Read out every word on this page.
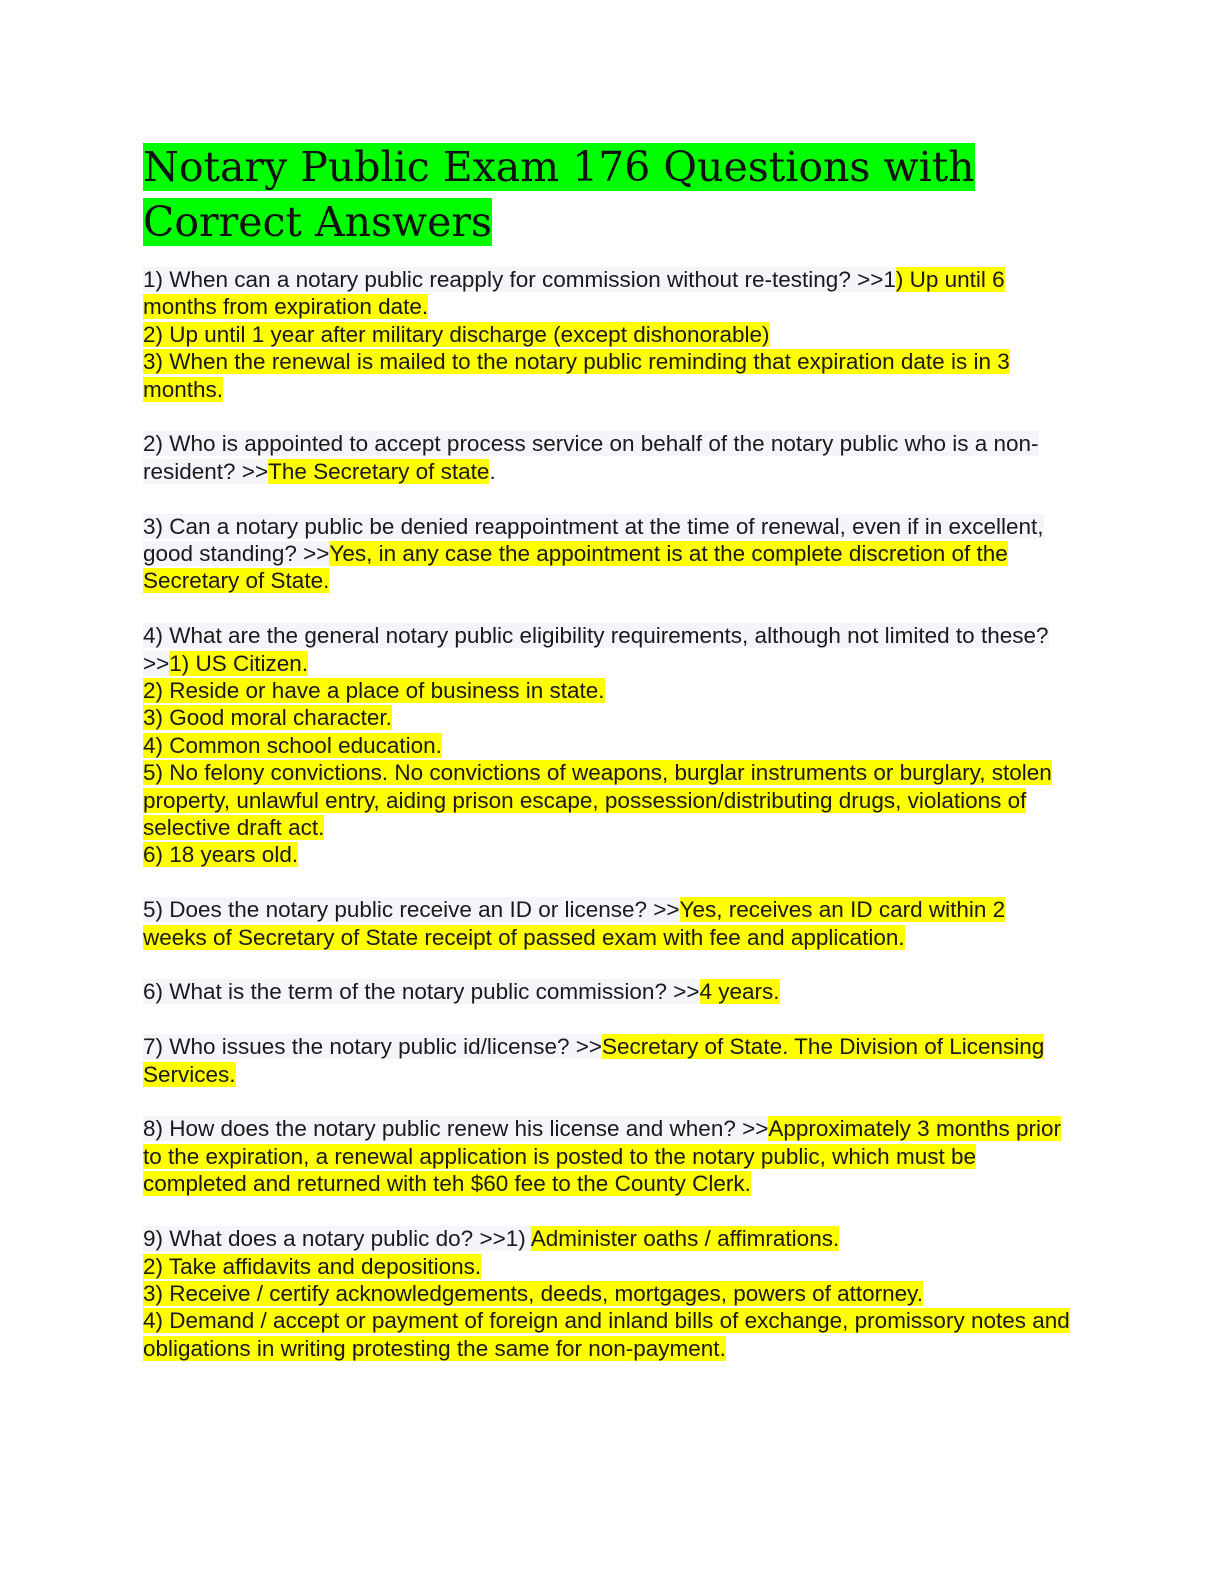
Notary Public Exam 176 Questions with Correct Answers

1) When can a notary public reapply for commission without re-testing? >>1) Up until 6 months from expiration date.
2) Up until 1 year after military discharge (except dishonorable)
3) When the renewal is mailed to the notary public reminding that expiration date is in 3 months.

2) Who is appointed to accept process service on behalf of the notary public who is a non-resident? >>The Secretary of state.

3) Can a notary public be denied reappointment at the time of renewal, even if in excellent, good standing? >>Yes, in any case the appointment is at the complete discretion of the Secretary of State.

4) What are the general notary public eligibility requirements, although not limited to these? >>1) US Citizen.
2) Reside or have a place of business in state.
3) Good moral character.
4) Common school education.
5) No felony convictions. No convictions of weapons, burglar instruments or burglary, stolen property, unlawful entry, aiding prison escape, possession/distributing drugs, violations of selective draft act.
6) 18 years old.

5) Does the notary public receive an ID or license? >>Yes, receives an ID card within 2 weeks of Secretary of State receipt of passed exam with fee and application.

6) What is the term of the notary public commission? >>4 years.

7) Who issues the notary public id/license? >>Secretary of State. The Division of Licensing Services.

8) How does the notary public renew his license and when? >>Approximately 3 months prior to the expiration, a renewal application is posted to the notary public, which must be completed and returned with teh $60 fee to the County Clerk.

9) What does a notary public do? >>1) Administer oaths / affimrations.
2) Take affidavits and depositions.
3) Receive / certify acknowledgements, deeds, mortgages, powers of attorney.
4) Demand / accept or payment of foreign and inland bills of exchange, promissory notes and obligations in writing protesting the same for non-payment.
